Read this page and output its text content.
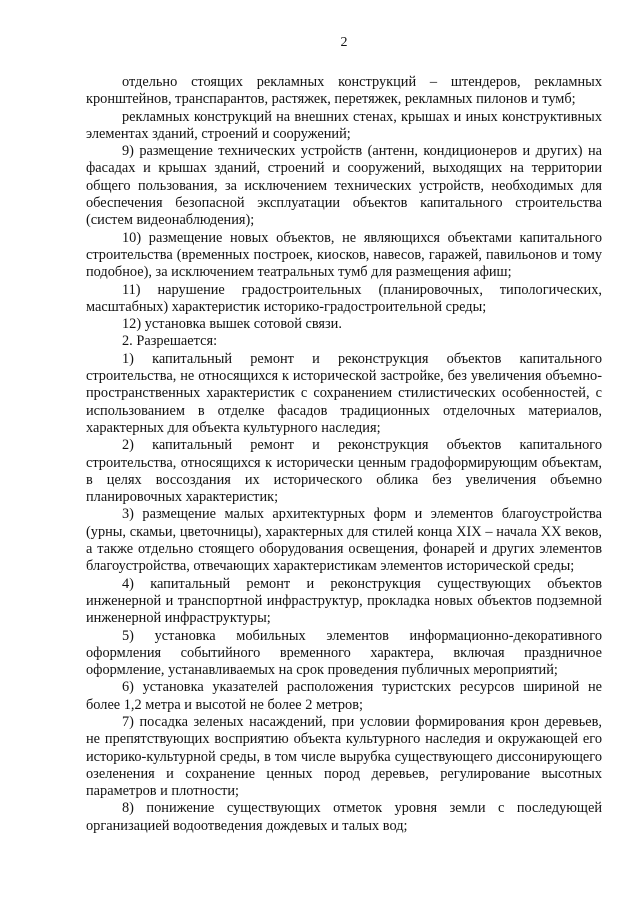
2

отдельно стоящих рекламных конструкций – штендеров, рекламных кронштейнов, транспарантов, растяжек, перетяжек, рекламных пилонов и тумб;

рекламных конструкций на внешних стенах, крышах и иных конструктивных элементах зданий, строений и сооружений;

9) размещение технических устройств (антенн, кондиционеров и других) на фасадах и крышах зданий, строений и сооружений, выходящих на территории общего пользования, за исключением технических устройств, необходимых для обеспечения безопасной эксплуатации объектов капитального строительства (систем видеонаблюдения);

10) размещение новых объектов, не являющихся объектами капитального строительства (временных построек, киосков, навесов, гаражей, павильонов и тому подобное), за исключением театральных тумб для размещения афиш;

11) нарушение градостроительных (планировочных, типологических, масштабных) характеристик историко-градостроительной среды;

12) установка вышек сотовой связи.

2. Разрешается:

1) капитальный ремонт и реконструкция объектов капитального строительства, не относящихся к исторической застройке, без увеличения объемно-пространственных характеристик с сохранением стилистических особенностей, с использованием в отделке фасадов традиционных отделочных материалов, характерных для объекта культурного наследия;

2) капитальный ремонт и реконструкция объектов капитального строительства, относящихся к исторически ценным градоформирующим объектам, в целях воссоздания их исторического облика без увеличения объемно планировочных характеристик;

3) размещение малых архитектурных форм и элементов благоустройства (урны, скамьи, цветочницы), характерных для стилей конца XIX – начала XX веков, а также отдельно стоящего оборудования освещения, фонарей и других элементов благоустройства, отвечающих характеристикам элементов исторической среды;

4) капитальный ремонт и реконструкция существующих объектов инженерной и транспортной инфраструктур, прокладка новых объектов подземной инженерной инфраструктуры;

5) установка мобильных элементов информационно-декоративного оформления событийного временного характера, включая праздничное оформление, устанавливаемых на срок проведения публичных мероприятий;

6) установка указателей расположения туристских ресурсов шириной не более 1,2 метра и высотой не более 2 метров;

7) посадка зеленых насаждений, при условии формирования крон деревьев, не препятствующих восприятию объекта культурного наследия и окружающей его историко-культурной среды, в том числе вырубка существующего диссонирующего озеленения и сохранение ценных пород деревьев, регулирование высотных параметров и плотности;

8) понижение существующих отметок уровня земли с последующей организацией водоотведения дождевых и талых вод;
